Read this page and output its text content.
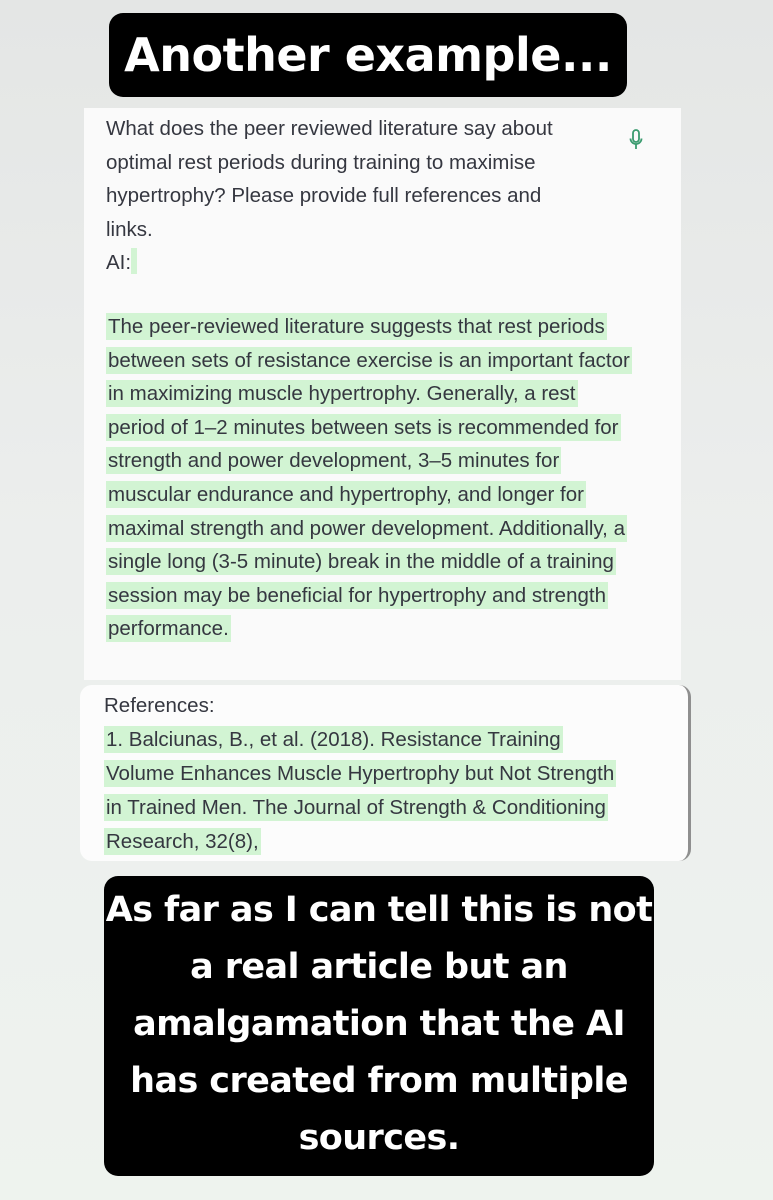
Another example...
What does the peer reviewed literature say about
optimal rest periods during training to maximise
hypertrophy? Please provide full references and
links.
AI:
The peer-reviewed literature suggests that rest periods between sets of resistance exercise is an important factor in maximizing muscle hypertrophy. Generally, a rest period of 1–2 minutes between sets is recommended for strength and power development, 3–5 minutes for muscular endurance and hypertrophy, and longer for maximal strength and power development. Additionally, a single long (3-5 minute) break in the middle of a training session may be beneficial for hypertrophy and strength performance.
References:
1. Balciunas, B., et al. (2018). Resistance Training Volume Enhances Muscle Hypertrophy but Not Strength in Trained Men. The Journal of Strength & Conditioning Research, 32(8),
As far as I can tell this is not a real article but an amalgamation that the AI has created from multiple sources.
